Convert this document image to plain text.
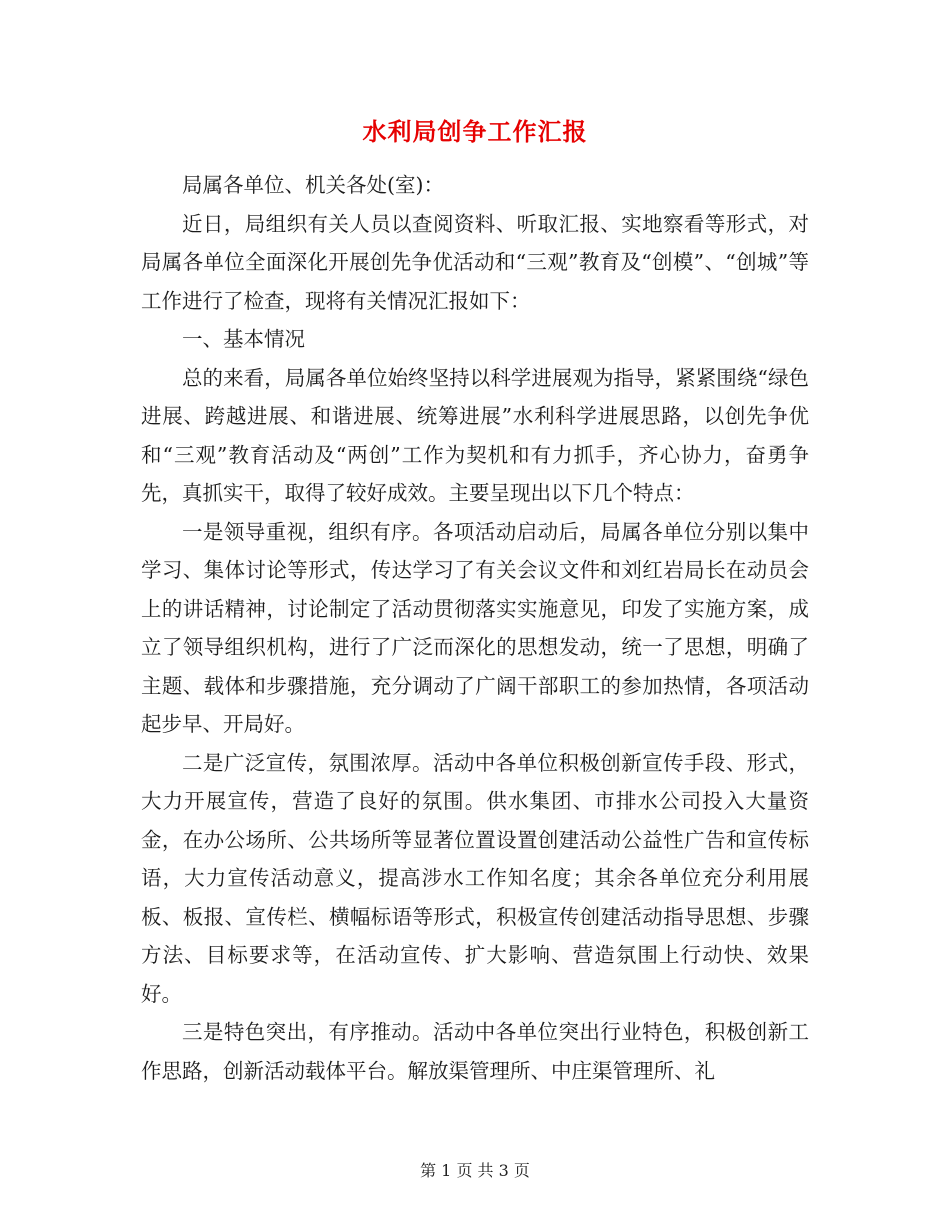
水利局创争工作汇报

局属各单位、机关各处(室)：

近日，局组织有关人员以查阅资料、听取汇报、实地察看等形式，对局属各单位全面深化开展创先争优活动和“三观”教育及“创模”、“创城”等工作进行了检查，现将有关情况汇报如下：

一、基本情况

总的来看，局属各单位始终坚持以科学进展观为指导，紧紧围绕“绿色进展、跨越进展、和谐进展、统筹进展”水利科学进展思路，以创先争优和“三观”教育活动及“两创”工作为契机和有力抓手，齐心协力，奋勇争先，真抓实干，取得了较好成效。主要呈现出以下几个特点：

一是领导重视，组织有序。各项活动启动后，局属各单位分别以集中学习、集体讨论等形式，传达学习了有关会议文件和刘红岩局长在动员会上的讲话精神，讨论制定了活动贯彻落实实施意见，印发了实施方案，成立了领导组织机构，进行了广泛而深化的思想发动，统一了思想，明确了主题、载体和步骤措施，充分调动了广阔干部职工的参加热情，各项活动起步早、开局好。

二是广泛宣传，氛围浓厚。活动中各单位积极创新宣传手段、形式，大力开展宣传，营造了良好的氛围。供水集团、市排水公司投入大量资金，在办公场所、公共场所等显著位置设置创建活动公益性广告和宣传标语，大力宣传活动意义，提高涉水工作知名度；其余各单位充分利用展板、板报、宣传栏、横幅标语等形式，积极宣传创建活动指导思想、步骤方法、目标要求等，在活动宣传、扩大影响、营造氛围上行动快、效果好。

三是特色突出，有序推动。活动中各单位突出行业特色，积极创新工作思路，创新活动载体平台。解放渠管理所、中庄渠管理所、礼

第 1 页 共 3 页
